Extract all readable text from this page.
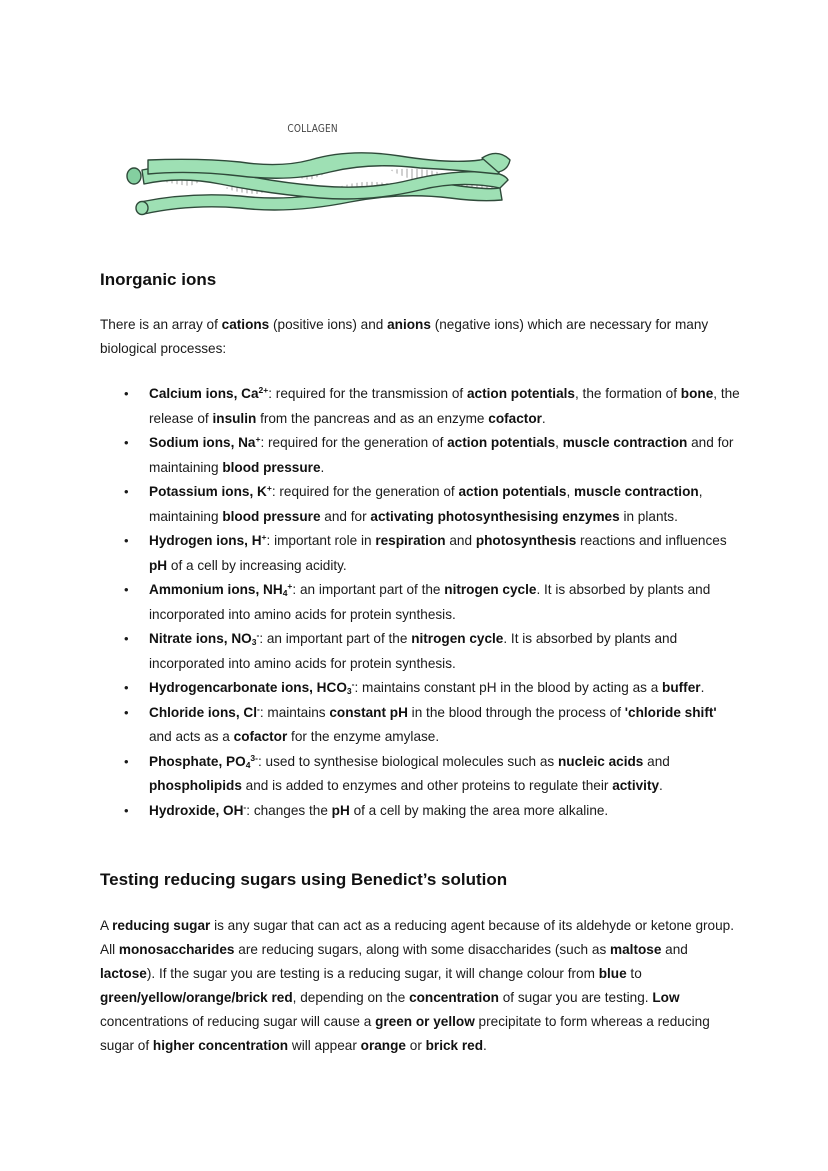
COLLAGEN
Inorganic ions

There is an array of cations (positive ions) and anions (negative ions) which are necessary for many biological processes:

• Calcium ions, $Ca^{2+}$: required for the transmission of action potentials, the formation of bone, the release of insulin from the pancreas and as an enzyme cofactor.
• Sodium ions, Na+: required for the generation of action potentials, muscle contraction and for maintaining blood pressure.
• Potassium ions, K+: required for the generation of action potentials, muscle contraction, maintaining blood pressure and for activating photosynthesising enzymes in plants.
• Hydrogen ions, H+: important role in respiration and photosynthesis reactions and influences pH of a cell by increasing acidity.
• Ammonium ions, $NH_4^+$: an important part of the nitrogen cycle. It is absorbed by plants and incorporated into amino acids for protein synthesis.
• Nitrate ions, $NO_3^-$: an important part of the nitrogen cycle. It is absorbed by plants and incorporated into amino acids for protein synthesis.
• Hydrogencarbonate ions, $HCO_3^-$: maintains constant pH in the blood by acting as a buffer.
• Chloride ions, Cl-: maintains constant pH in the blood through the process of 'chloride shift' and acts as a cofactor for the enzyme amylase.
• Phosphate, $PO_4^{3-}$: used to synthesise biological molecules such as nucleic acids and phospholipids and is added to enzymes and other proteins to regulate their activity.
• Hydroxide, OH-: changes the pH of a cell by making the area more alkaline.
Testing reducing sugars using Benedict’s solution

A reducing sugar is any sugar that can act as a reducing agent because of its aldehyde or ketone group. All monosaccharides are reducing sugars, along with some disaccharides (such as maltose and lactose). If the sugar you are testing is a reducing sugar, it will change colour from blue to green/yellow/orange/brick red, depending on the concentration of sugar you are testing. Low concentrations of reducing sugar will cause a green or yellow precipitate to form whereas a reducing sugar of higher concentration will appear orange or brick red.
